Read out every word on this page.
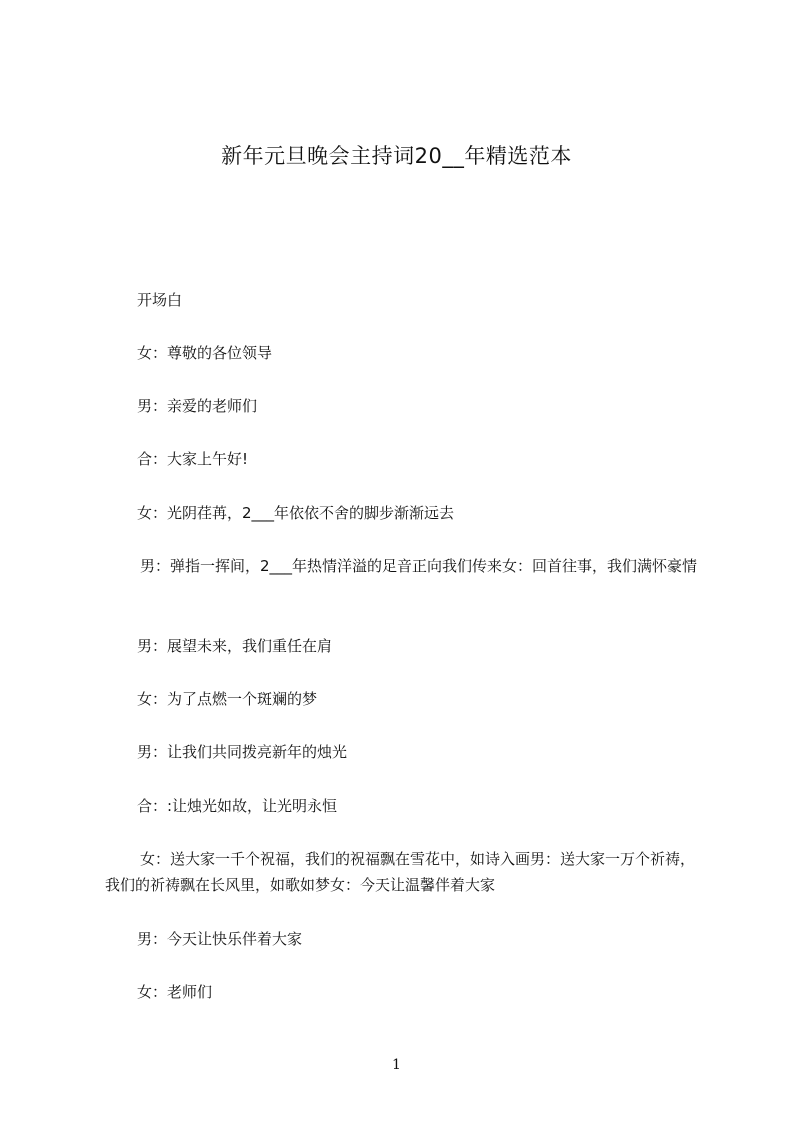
新年元旦晚会主持词20__年精选范本
开场白
女：尊敬的各位领导
男：亲爱的老师们
合：大家上午好!
女：光阴荏苒，2___年依依不舍的脚步渐渐远去
男：弹指一挥间，2___年热情洋溢的足音正向我们传来女：回首往事，我们满怀豪情
男：展望未来，我们重任在肩
女：为了点燃一个斑斓的梦
男：让我们共同拨亮新年的烛光
合：:让烛光如故，让光明永恒
女：送大家一千个祝福，我们的祝福飘在雪花中，如诗入画男：送大家一万个祈祷，我们的祈祷飘在长风里，如歌如梦女：今天让温馨伴着大家
男：今天让快乐伴着大家
女：老师们
1
